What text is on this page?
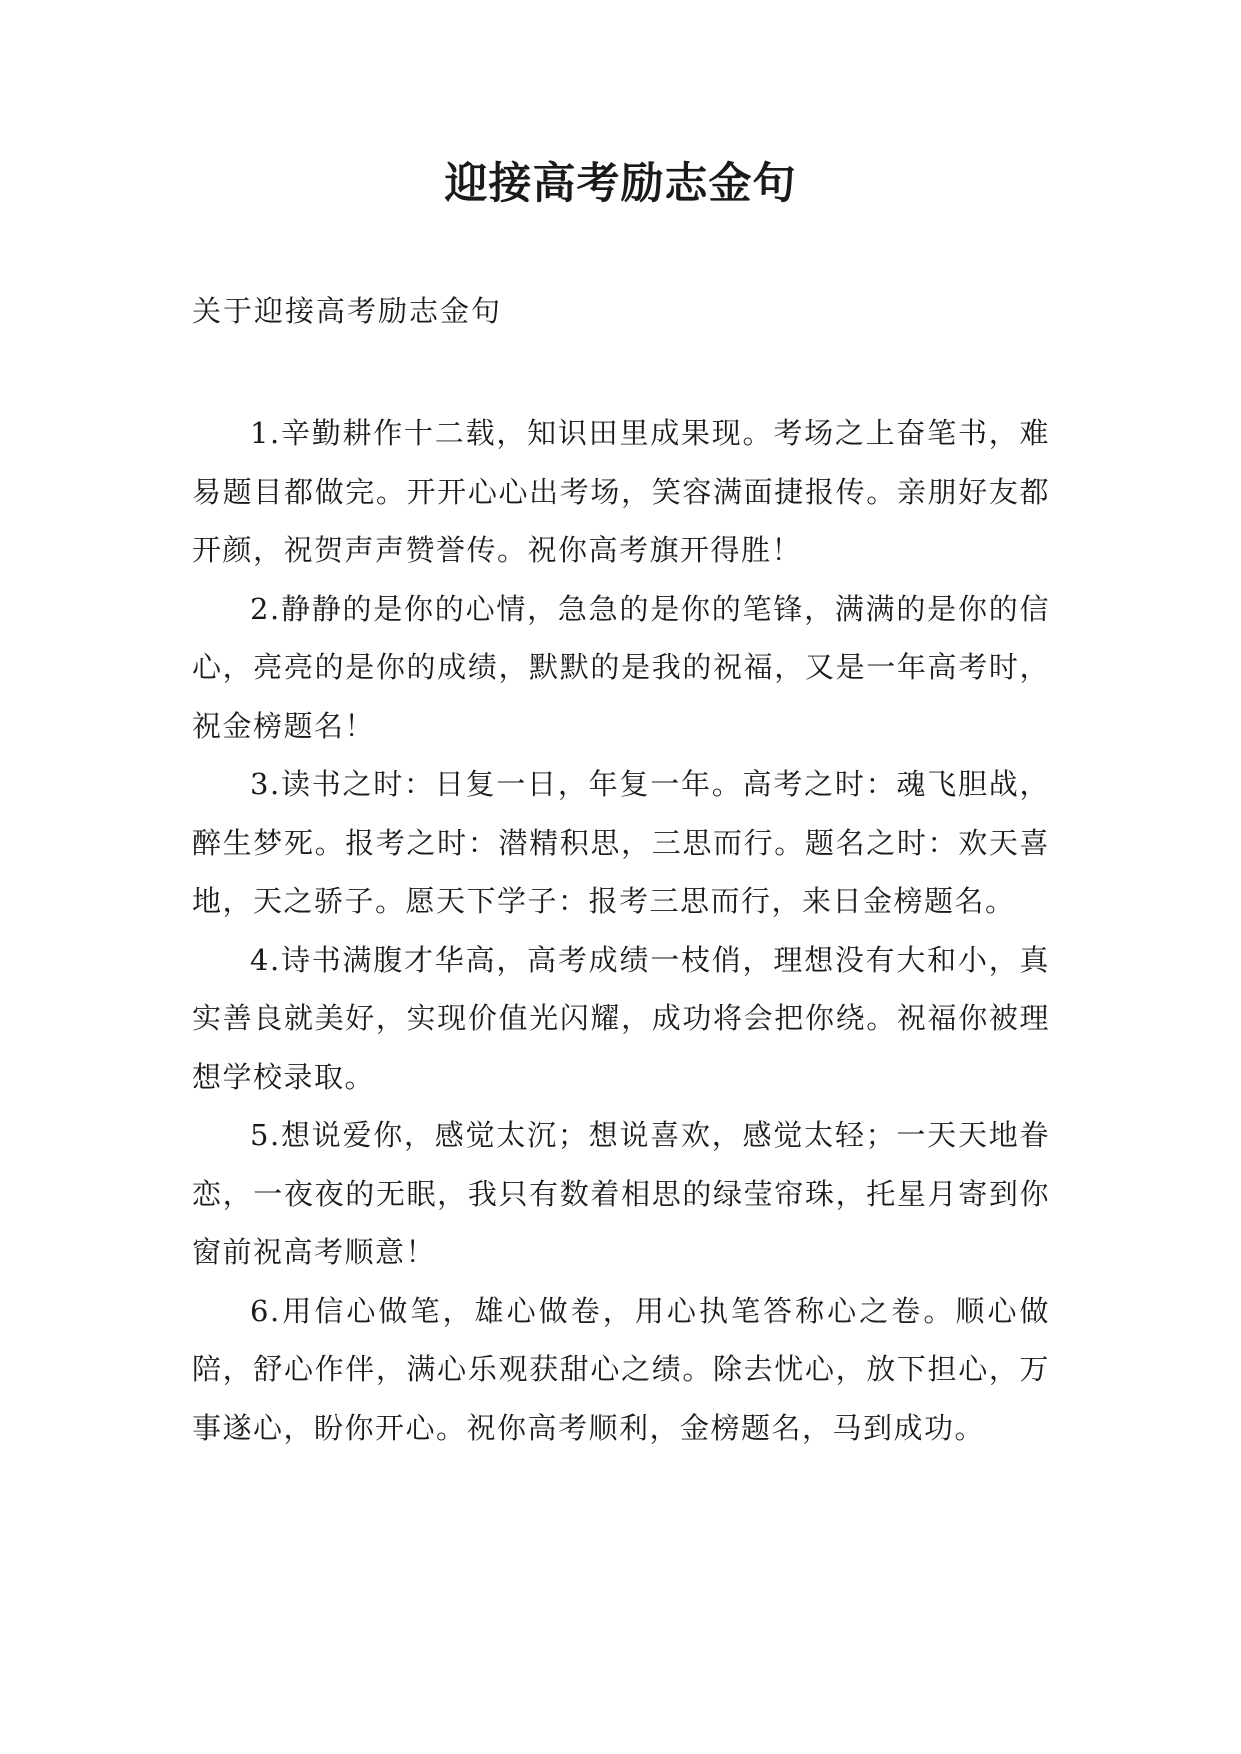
迎接高考励志金句

关于迎接高考励志金句

1.辛勤耕作十二载，知识田里成果现。考场之上奋笔书，难易题目都做完。开开心心出考场，笑容满面捷报传。亲朋好友都开颜，祝贺声声赞誉传。祝你高考旗开得胜！

2.静静的是你的心情，急急的是你的笔锋，满满的是你的信心，亮亮的是你的成绩，默默的是我的祝福，又是一年高考时，祝金榜题名！

3.读书之时：日复一日，年复一年。高考之时：魂飞胆战，醉生梦死。报考之时：潜精积思，三思而行。题名之时：欢天喜地，天之骄子。愿天下学子：报考三思而行，来日金榜题名。

4.诗书满腹才华高，高考成绩一枝俏，理想没有大和小，真实善良就美好，实现价值光闪耀，成功将会把你绕。祝福你被理想学校录取。

5.想说爱你，感觉太沉；想说喜欢，感觉太轻；一天天地眷恋，一夜夜的无眠，我只有数着相思的绿莹帘珠，托星月寄到你窗前祝高考顺意！

6.用信心做笔，雄心做卷，用心执笔答称心之卷。顺心做陪，舒心作伴，满心乐观获甜心之绩。除去忧心，放下担心，万事遂心，盼你开心。祝你高考顺利，金榜题名，马到成功。
